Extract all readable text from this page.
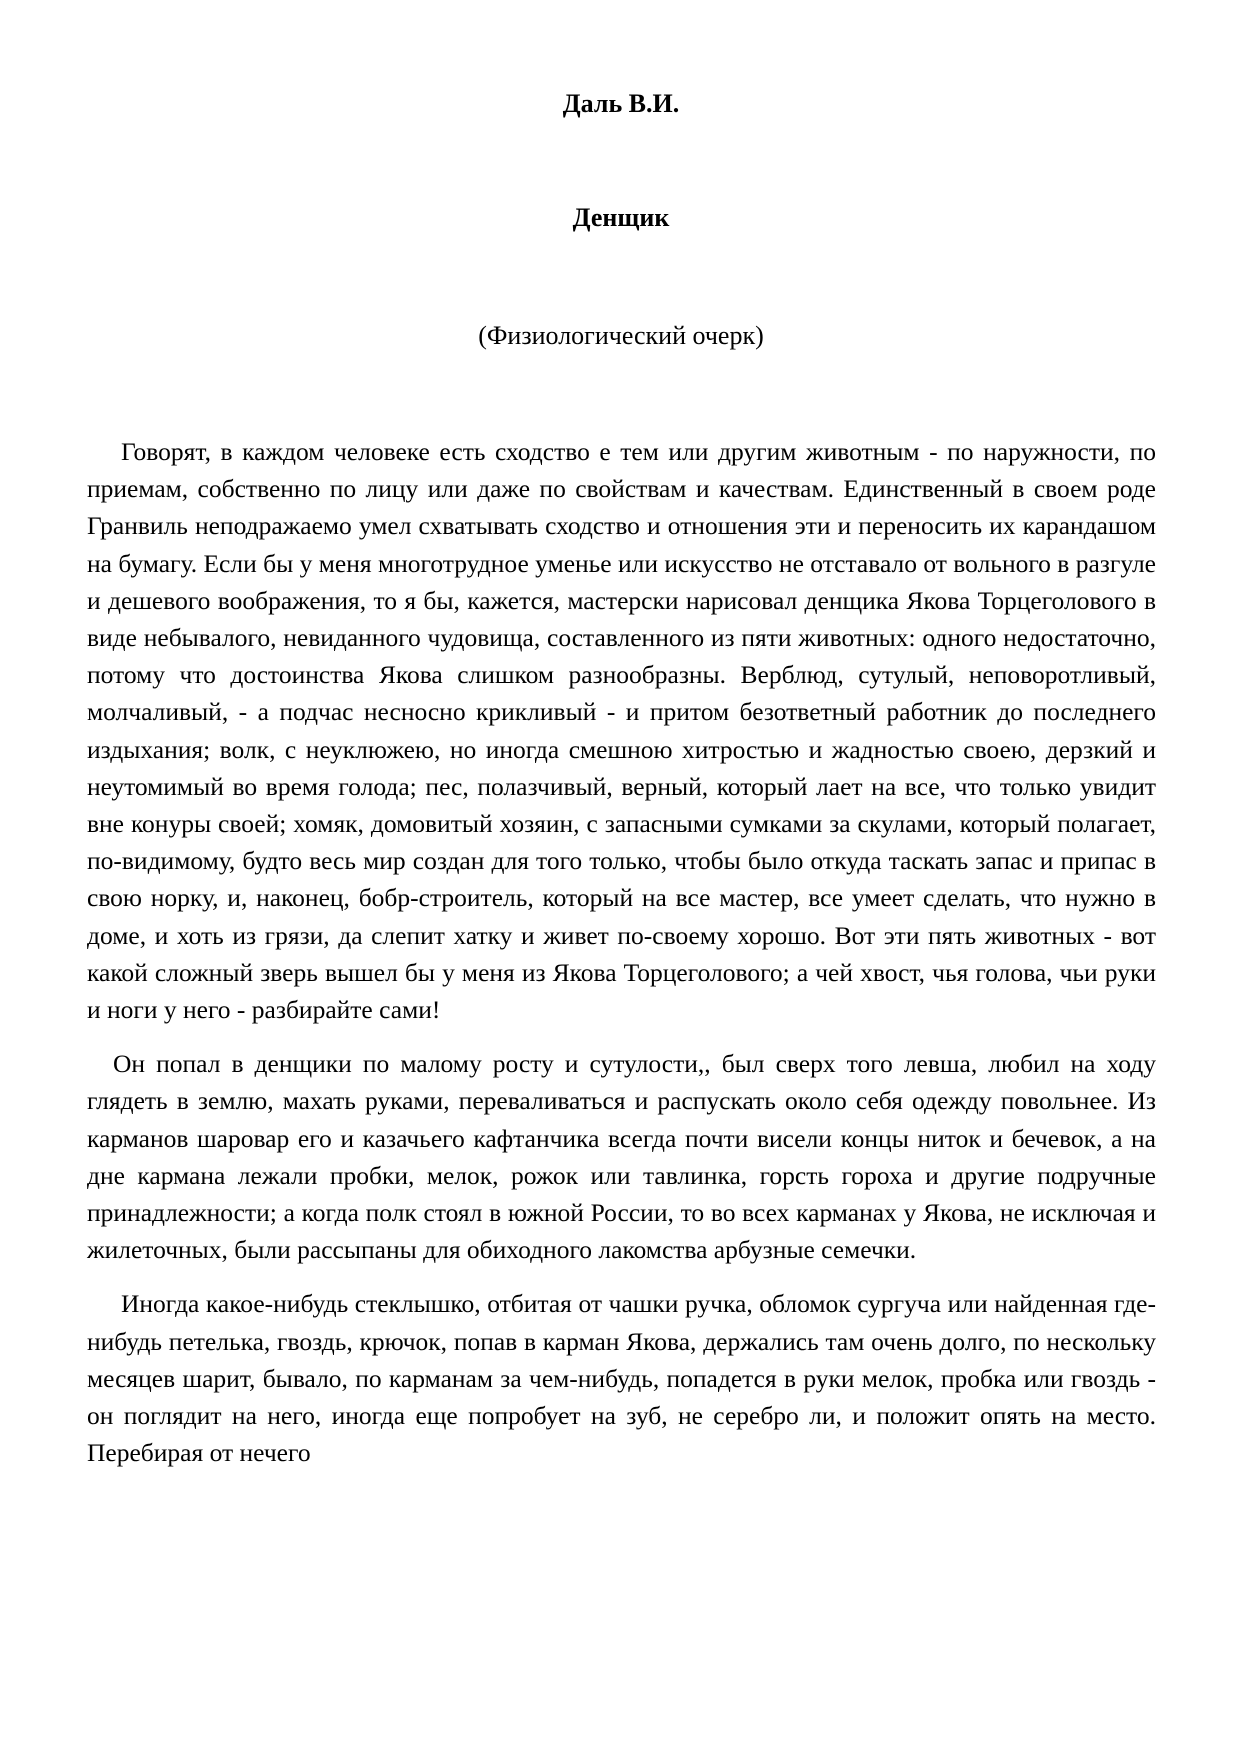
Даль В.И.

Денщик

(Физиологический очерк)

Говорят, в каждом человеке есть сходство е тем или другим животным - по наружности, по приемам, собственно по лицу или даже по свойствам и качествам. Единственный в своем роде Гранвиль неподражаемо умел схватывать сходство и отношения эти и переносить их карандашом на бумагу. Если бы у меня многотрудное уменье или искусство не отставало от вольного в разгуле и дешевого воображения, то я бы, кажется, мастерски нарисовал денщика Якова Торцеголового в виде небывалого, невиданного чудовища, составленного из пяти животных: одного недостаточно, потому что достоинства Якова слишком разнообразны. Верблюд, сутулый, неповоротливый, молчаливый, - а подчас несносно крикливый - и притом безответный работник до последнего издыхания; волк, с неуклюжею, но иногда смешною хитростью и жадностью своею, дерзкий и неутомимый во время голода; пес, полазчивый, верный, который лает на все, что только увидит вне конуры своей; хомяк, домовитый хозяин, с запасными сумками за скулами, который полагает, по-видимому, будто весь мир создан для того только, чтобы было откуда таскать запас и припас в свою норку, и, наконец, бобр-строитель, который на все мастер, все умеет сделать, что нужно в доме, и хоть из грязи, да слепит хатку и живет по-своему хорошо. Вот эти пять животных - вот какой сложный зверь вышел бы у меня из Якова Торцеголового; а чей хвост, чья голова, чьи руки и ноги у него - разбирайте сами!

Он попал в денщики по малому росту и сутулости,, был сверх того левша, любил на ходу глядеть в землю, махать руками, переваливаться и распускать около себя одежду повольнее. Из карманов шаровар его и казачьего кафтанчика всегда почти висели концы ниток и бечевок, а на дне кармана лежали пробки, мелок, рожок или тавлинка, горсть гороха и другие подручные принадлежности; а когда полк стоял в южной России, то во всех карманах у Якова, не исключая и жилеточных, были рассыпаны для обиходного лакомства арбузные семечки.

Иногда какое-нибудь стеклышко, отбитая от чашки ручка, обломок сургуча или найденная где-нибудь петелька, гвоздь, крючок, попав в карман Якова, держались там очень долго, по нескольку месяцев шарит, бывало, по карманам за чем-нибудь, попадется в руки мелок, пробка или гвоздь - он поглядит на него, иногда еще попробует на зуб, не серебро ли, и положит опять на место. Перебирая от нечего
